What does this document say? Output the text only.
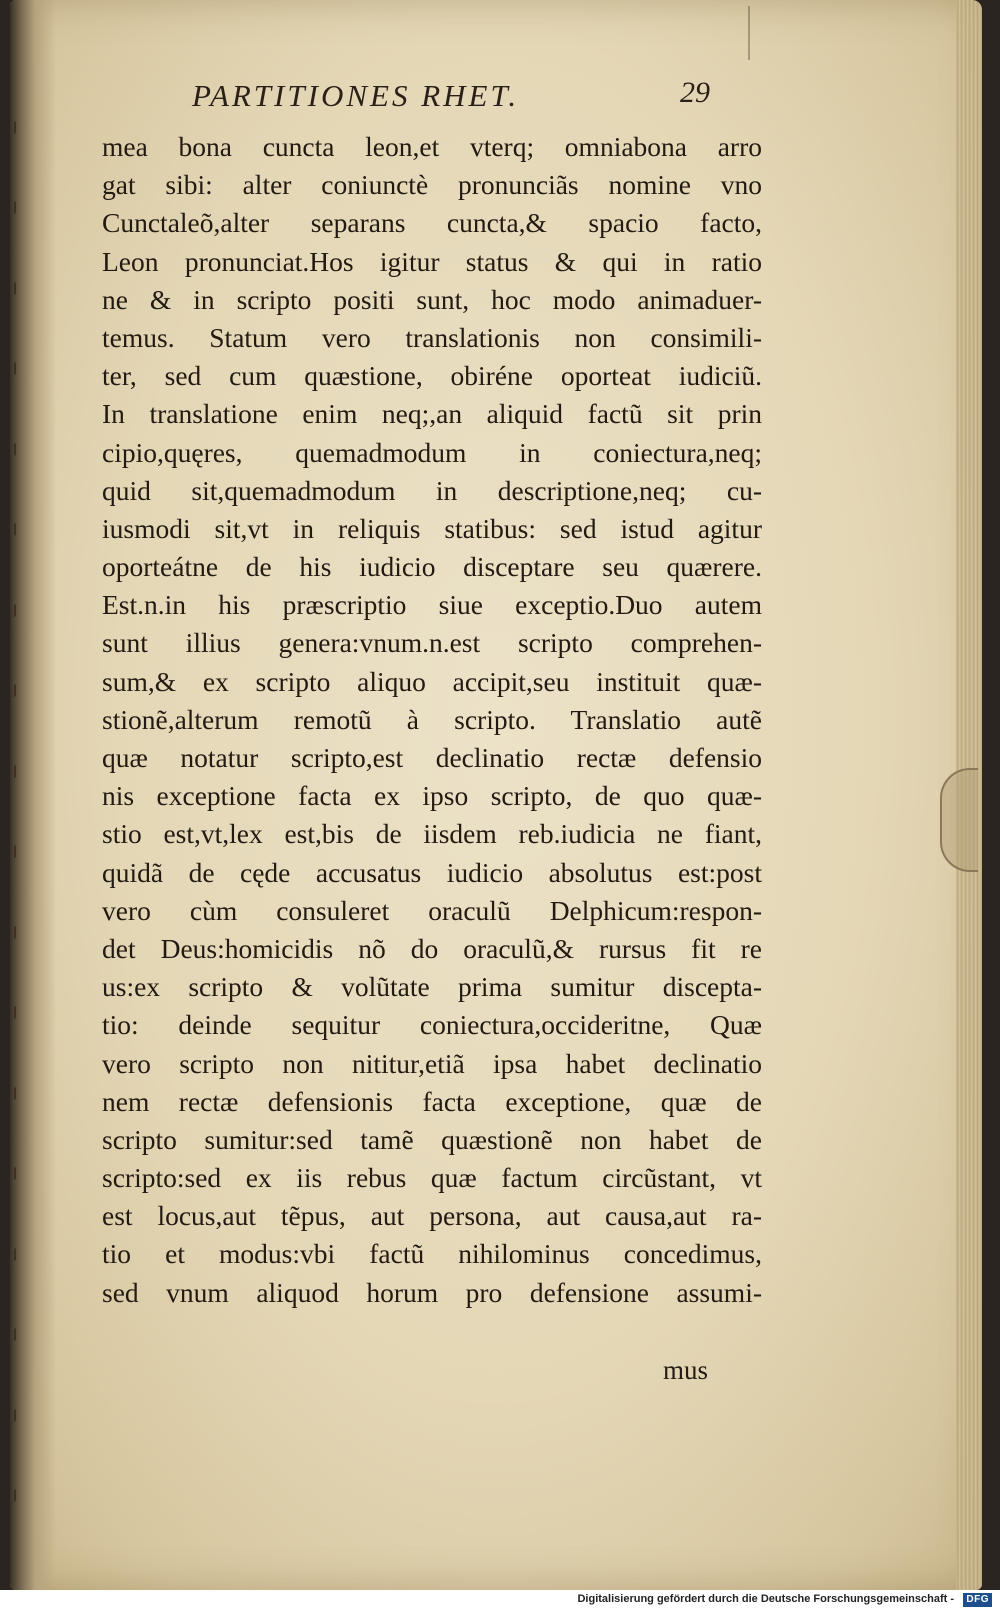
PARTITIONES RHET.	29
mea bona cuncta leon,et vterq; omniabona arro
gat sibi: alter coniunctè pronunciãs nomine vno
Cunctaleõ,alter separans cuncta,& spacio facto,
Leon pronunciat.Hos igitur status & qui in ratio
ne & in scripto positi sunt, hoc modo animaduer-
temus. Statum vero translationis non consimili-
ter, sed cum quæstione, obiréne oporteat iudiciũ.
In translatione enim neq;,an aliquid factũ sit prin
cipio,quęres, quemadmodum in coniectura,neq;
quid sit,quemadmodum in descriptione,neq; cu-
iusmodi sit,vt in reliquis statibus: sed istud agitur
oporteátne de his iudicio disceptare seu quærere.
Est.n.in his præscriptio siue exceptio.Duo autem
sunt illius genera:vnum.n.est scripto comprehen-
sum,& ex scripto aliquo accipit,seu instituit quæ-
stionẽ,alterum remotũ à scripto. Translatio autẽ
quæ notatur scripto,est declinatio rectæ defensio
nis exceptione facta ex ipso scripto, de quo quæ-
stio est,vt,lex est,bis de iisdem reb.iudicia ne fiant,
quidã de cęde accusatus iudicio absolutus est:post
vero cùm consuleret oraculũ Delphicum:respon-
det Deus:homicidis nõ do oraculũ,& rursus fit re
us:ex scripto & volũtate prima sumitur discepta-
tio: deinde sequitur coniectura,occideritne, Quæ
vero scripto non nititur,etiã ipsa habet declinatio
nem rectæ defensionis facta exceptione, quæ de
scripto sumitur:sed tamẽ quæstionẽ non habet de
scripto:sed ex iis rebus quæ factum circũstant, vt
est locus,aut tẽpus, aut persona, aut causa,aut ra-
tio et modus:vbi factũ nihilominus concedimus,
sed vnum aliquod horum pro defensione assumi-
mus
Digitalisierung gefördert durch die Deutsche Forschungsgemeinschaft -	DFG
